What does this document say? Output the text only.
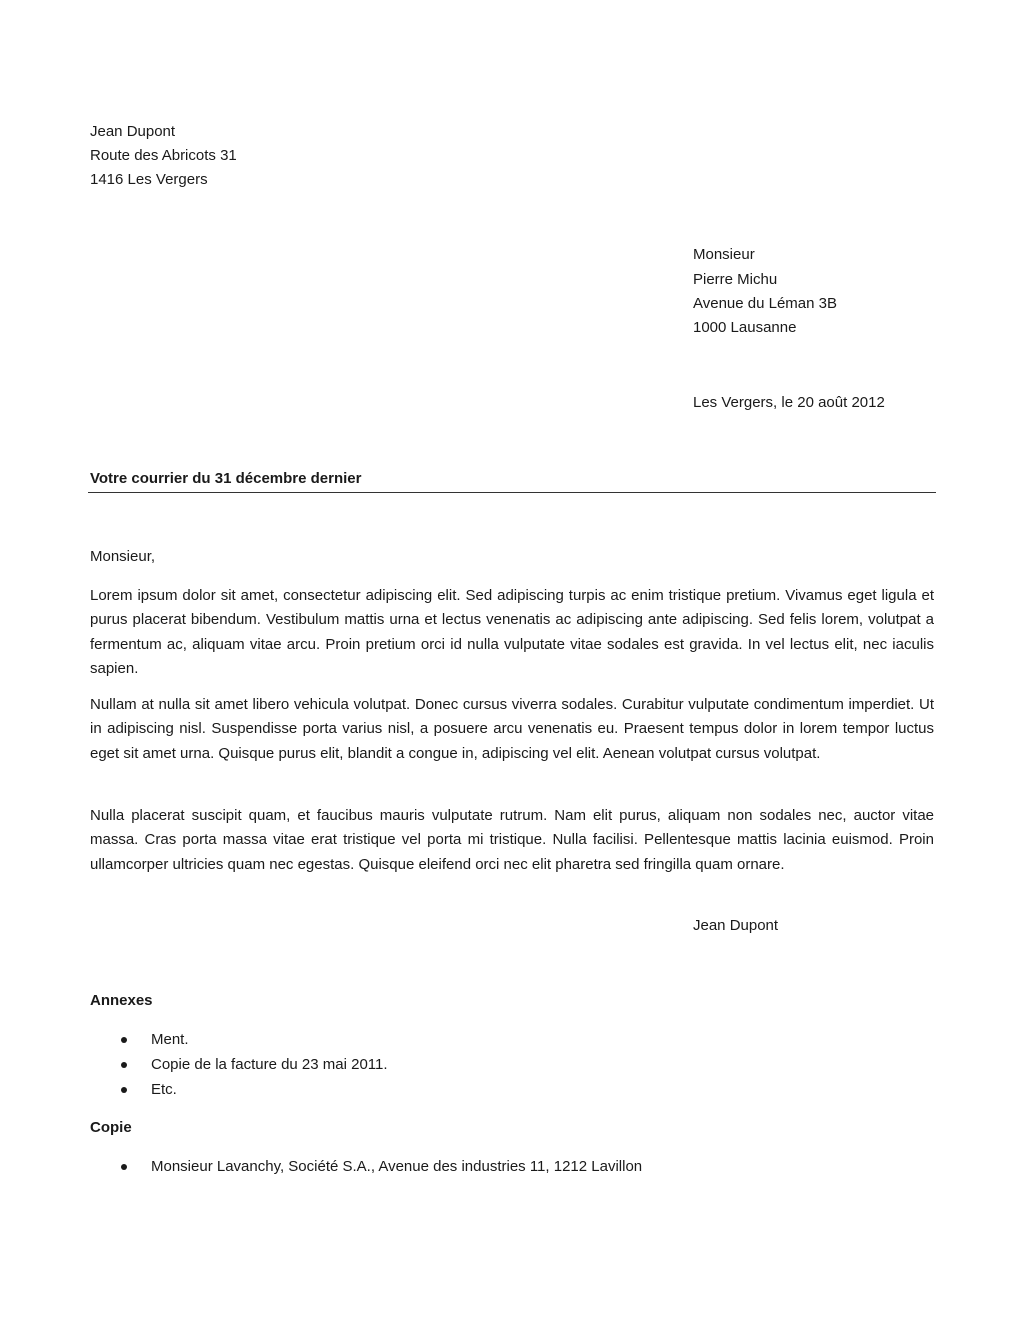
Jean Dupont
Route des Abricots 31
1416 Les Vergers
Monsieur
Pierre Michu
Avenue du Léman 3B
1000 Lausanne
Les Vergers, le 20 août 2012
Votre courrier du 31 décembre dernier
Monsieur,

Lorem ipsum dolor sit amet, consectetur adipiscing elit. Sed adipiscing turpis ac enim tristique pretium. Vivamus eget ligula et purus placerat bibendum. Vestibulum mattis urna et lectus venenatis ac adipiscing ante adipiscing. Sed felis lorem, volutpat a fermentum ac, aliquam vitae arcu. Proin pretium orci id nulla vulputate vitae sodales est gravida. In vel lectus elit, nec iaculis sapien.

Nullam at nulla sit amet libero vehicula volutpat. Donec cursus viverra sodales. Curabitur vulputate condimentum imperdiet. Ut in adipiscing nisl. Suspendisse porta varius nisl, a posuere arcu venenatis eu. Praesent tempus dolor in lorem tempor luctus eget sit amet urna. Quisque purus elit, blandit a congue in, adipiscing vel elit. Aenean volutpat cursus volutpat.

Nulla placerat suscipit quam, et faucibus mauris vulputate rutrum. Nam elit purus, aliquam non sodales nec, auctor vitae massa. Cras porta massa vitae erat tristique vel porta mi tristique. Nulla facilisi. Pellentesque mattis lacinia euismod. Proin ullamcorper ultricies quam nec egestas. Quisque eleifend orci nec elit pharetra sed fringilla quam ornare.

Jean Dupont
Annexes
Ment.
Copie de la facture du 23 mai 2011.
Etc.
Copie
Monsieur Lavanchy, Société S.A., Avenue des industries 11, 1212 Lavillon
